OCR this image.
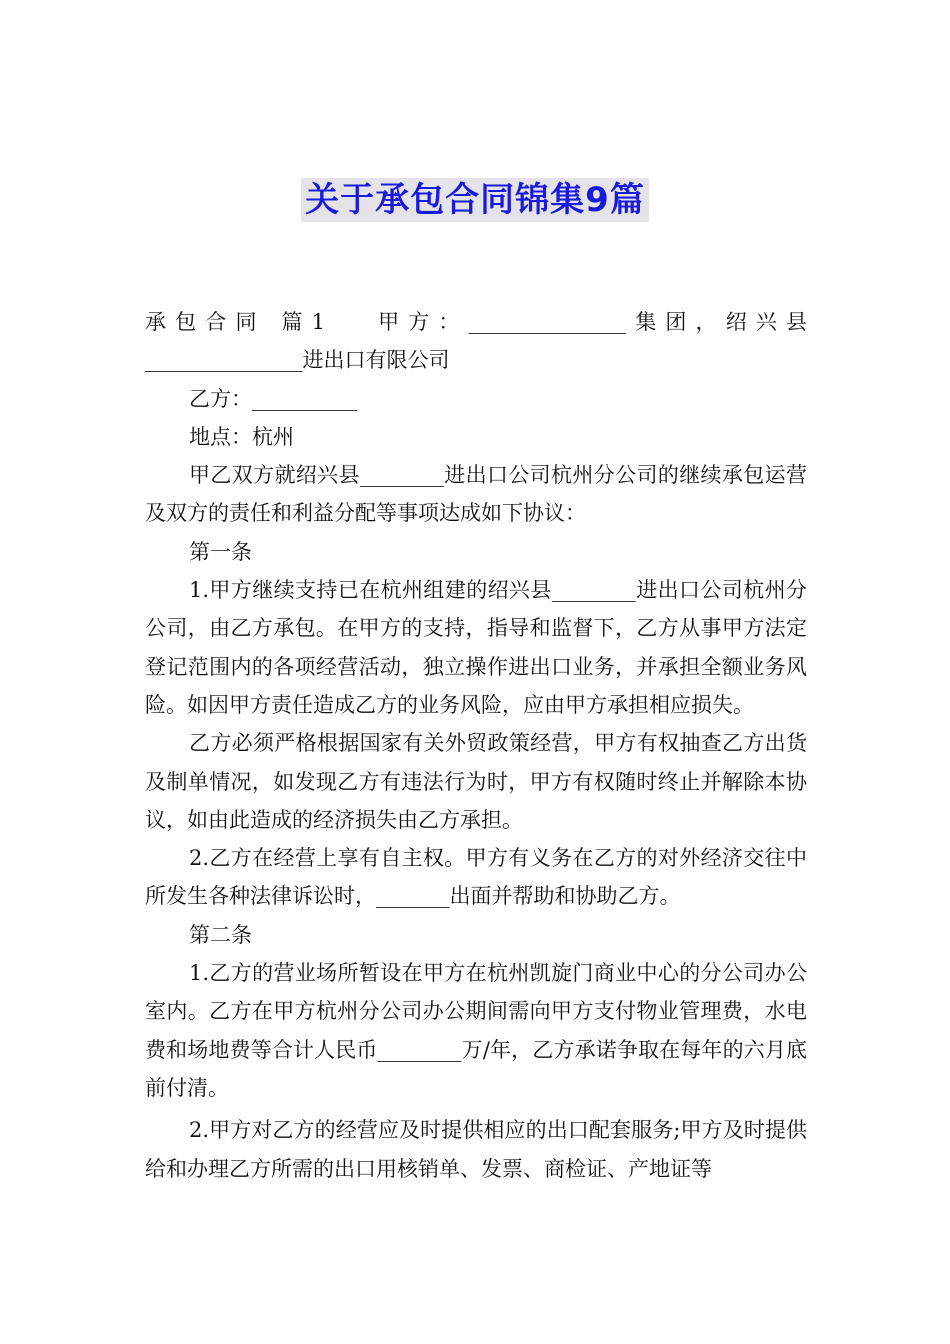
关于承包合同锦集9篇

承包合同 篇1 甲方：_______________集团，绍兴县_______________进出口有限公司

乙方：__________

地点：杭州

甲乙双方就绍兴县________进出口公司杭州分公司的继续承包运营及双方的责任和利益分配等事项达成如下协议：

第一条

1.甲方继续支持已在杭州组建的绍兴县________进出口公司杭州分公司，由乙方承包。在甲方的支持，指导和监督下，乙方从事甲方法定登记范围内的各项经营活动，独立操作进出口业务，并承担全额业务风险。如因甲方责任造成乙方的业务风险，应由甲方承担相应损失。

乙方必须严格根据国家有关外贸政策经营，甲方有权抽查乙方出货及制单情况，如发现乙方有违法行为时，甲方有权随时终止并解除本协议，如由此造成的经济损失由乙方承担。

2.乙方在经营上享有自主权。甲方有义务在乙方的对外经济交往中所发生各种法律诉讼时，_______出面并帮助和协助乙方。

第二条

1.乙方的营业场所暂设在甲方在杭州凯旋门商业中心的分公司办公室内。乙方在甲方杭州分公司办公期间需向甲方支付物业管理费，水电费和场地费等合计人民币________万/年，乙方承诺争取在每年的六月底前付清。

2.甲方对乙方的经营应及时提供相应的出口配套服务;甲方及时提供给和办理乙方所需的出口用核销单、发票、商检证、产地证等
